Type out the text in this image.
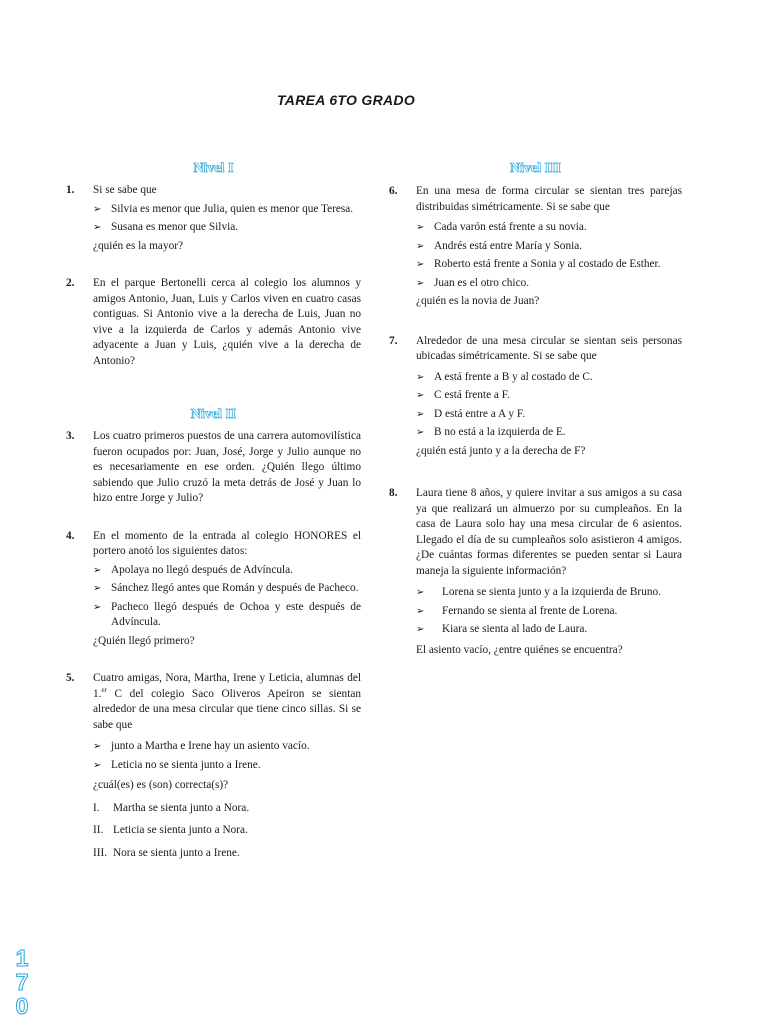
TAREA 6TO GRADO

Nivel I

1. Si se sabe que

➢ Silvia es menor que Julia, quien es menor que Teresa.
➢ Susana es menor que Silvia.

¿quién es la mayor?

2. En el parque Bertonelli cerca al colegio los alumnos y amigos Antonio, Juan, Luis y Carlos viven en cuatro casas contiguas. Si Antonio vive a la derecha de Luis, Juan no vive a la izquierda de Carlos y además Antonio vive adyacente a Juan y Luis, ¿quién vive a la derecha de Antonio?

Nivel II

3. Los cuatro primeros puestos de una carrera automovilística fueron ocupados por: Juan, José, Jorge y Julio aunque no es necesariamente en ese orden. ¿Quién llego último sabiendo que Julio cruzó la meta detrás de José y Juan lo hizo entre Jorge y Julio?

4. En el momento de la entrada al colegio HONORES el portero anotó los siguientes datos:

➢ Apolaya no llegó después de Advíncula.
➢ Sánchez llegó antes que Román y después de Pacheco.
➢ Pacheco llegó después de Ochoa y este después de Advíncula.

¿Quién llegó primero?

5. Cuatro amigas, Nora, Martha, Irene y Leticia, alumnas del 1.$^{er}$ C del colegio Saco Oliveros Apeiron se sientan alrededor de una mesa circular que tiene cinco sillas. Si se sabe que

➢ junto a Martha e Irene hay un asiento vacío.
➢ Leticia no se sienta junto a Irene.

¿cuál(es) es (son) correcta(s)?

I. Martha se sienta junto a Nora.
II. Leticia se sienta junto a Nora.
III. Nora se sienta junto a Irene.

Nivel III

6. En una mesa de forma circular se sientan tres parejas distribuidas simétricamente. Si se sabe que

➢ Cada varón está frente a su novia.
➢ Andrés está entre María y Sonia.
➢ Roberto está frente a Sonia y al costado de Esther.
➢ Juan es el otro chico.

¿quién es la novia de Juan?

7. Alrededor de una mesa circular se sientan seis personas ubicadas simétricamente. Si se sabe que

➢ A está frente a B y al costado de C.
➢ C está frente a F.
➢ D está entre a A y F.
➢ B no está a la izquierda de E.

¿quién está junto y a la derecha de F?

8. Laura tiene 8 años, y quiere invitar a sus amigos a su casa ya que realizará un almuerzo por su cumpleaños. En la casa de Laura solo hay una mesa circular de 6 asientos. Llegado el día de su cumpleaños solo asistieron 4 amigos. ¿De cuántas formas diferentes se pueden sentar si Laura maneja la siguiente información?

➢ Lorena se sienta junto y a la izquierda de Bruno.
➢ Fernando se sienta al frente de Lorena.
➢ Kiara se sienta al lado de Laura.

El asiento vacío, ¿entre quiénes se encuentra?

1
7
0
